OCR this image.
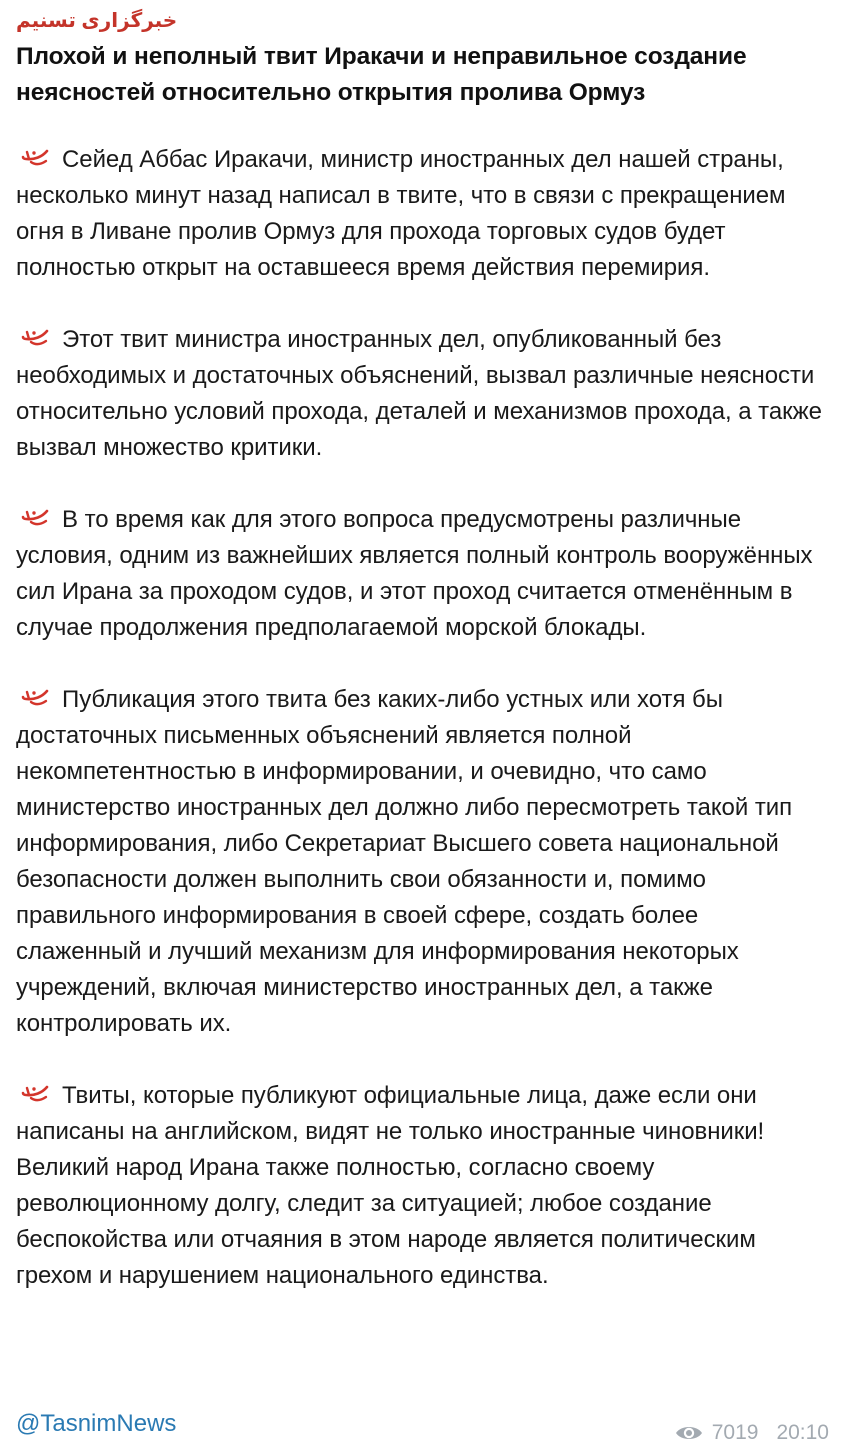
خبرگزاری تسنیم
Плохой и неполный твит Иракачи и неправильное создание неясностей относительно открытия пролива Ормуз
Сейед Аббас Иракачи, министр иностранных дел нашей страны, несколько минут назад написал в твите, что в связи с прекращением огня в Ливане пролив Ормуз для прохода торговых судов будет полностью открыт на оставшееся время действия перемирия.
Этот твит министра иностранных дел, опубликованный без необходимых и достаточных объяснений, вызвал различные неясности относительно условий прохода, деталей и механизмов прохода, а также вызвал множество критики.
В то время как для этого вопроса предусмотрены различные условия, одним из важнейших является полный контроль вооружённых сил Ирана за проходом судов, и этот проход считается отменённым в случае продолжения предполагаемой морской блокады.
Публикация этого твита без каких-либо устных или хотя бы достаточных письменных объяснений является полной некомпетентностью в информировании, и очевидно, что само министерство иностранных дел должно либо пересмотреть такой тип информирования, либо Секретариат Высшего совета национальной безопасности должен выполнить свои обязанности и, помимо правильного информирования в своей сфере, создать более слаженный и лучший механизм для информирования некоторых учреждений, включая министерство иностранных дел, а также контролировать их.
Твиты, которые публикуют официальные лица, даже если они написаны на английском, видят не только иностранные чиновники! Великий народ Ирана также полностью, согласно своему революционному долгу, следит за ситуацией; любое создание беспокойства или отчаяния в этом народе является политическим грехом и нарушением национального единства.
@TasnimNews	7019 20:10
